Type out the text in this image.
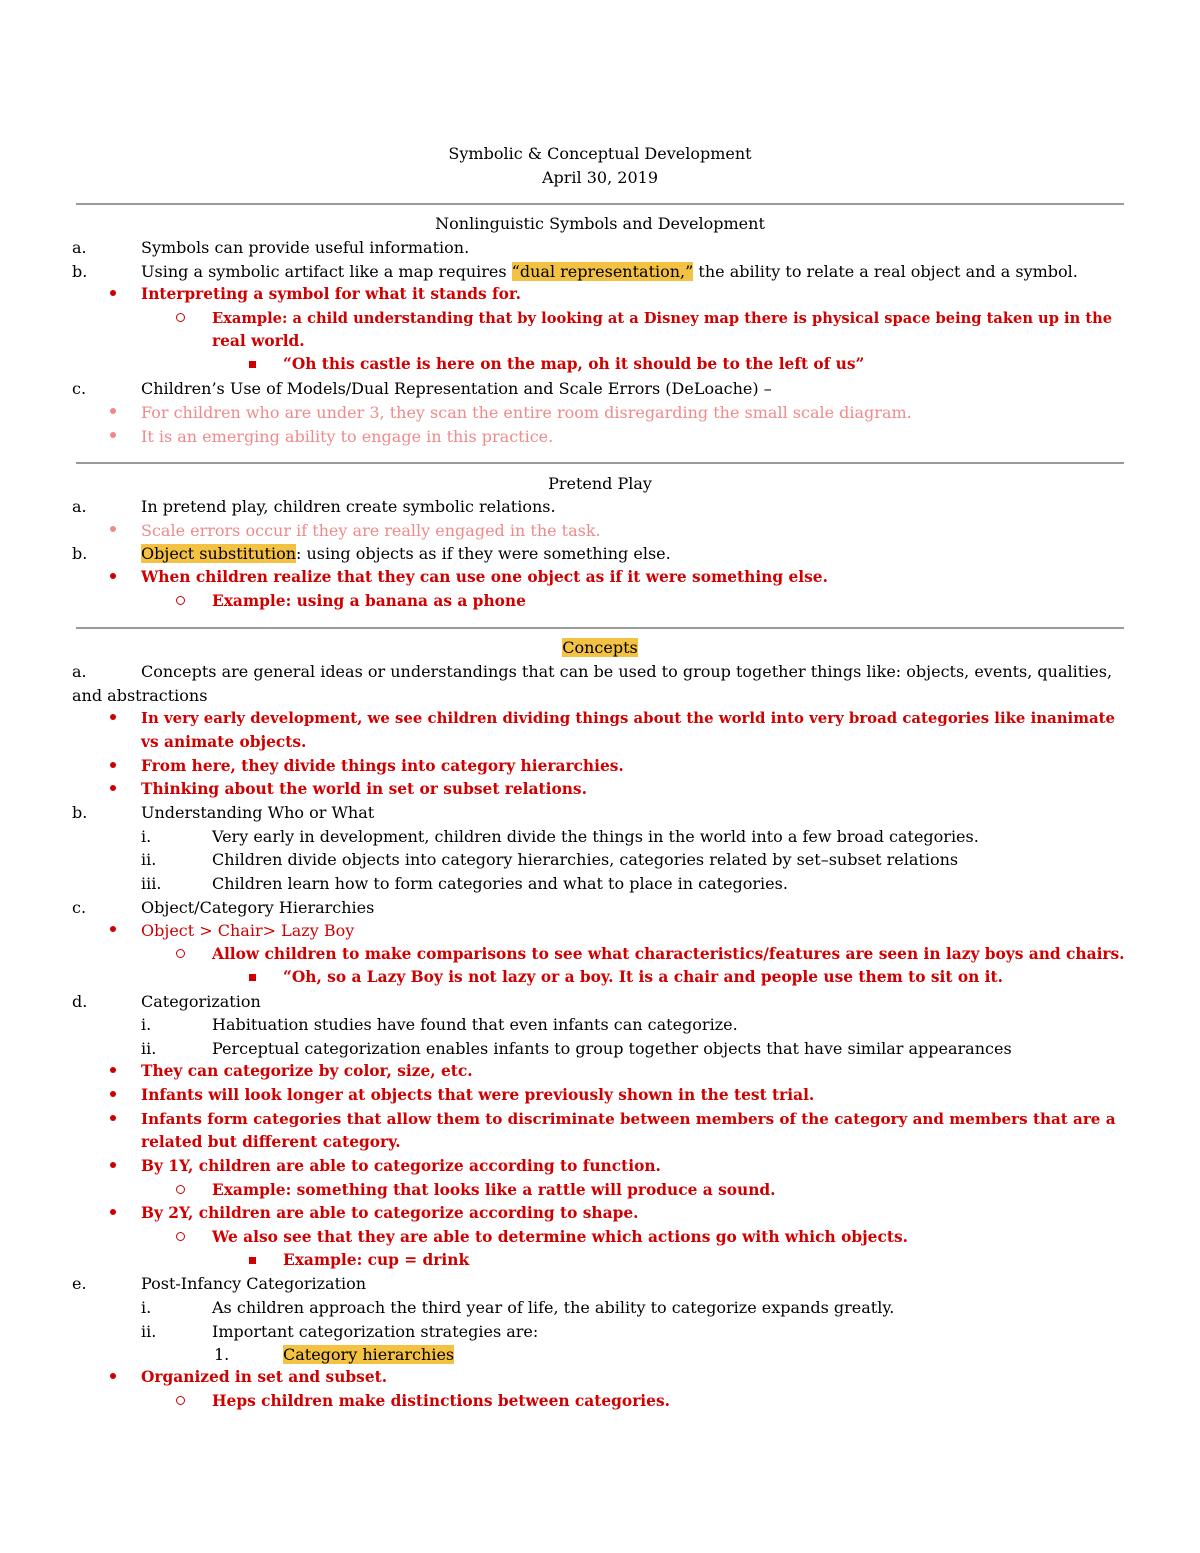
Symbolic & Conceptual Development
April 30, 2019
Nonlinguistic Symbols and Development
a.	Symbols can provide useful information.
b.	Using a symbolic artifact like a map requires “dual representation,” the ability to relate a real object and a symbol.
Interpreting a symbol for what it stands for.
Example: a child understanding that by looking at a Disney map there is physical space being taken up in the
real world.
“Oh this castle is here on the map, oh it should be to the left of us”
c.	Children’s Use of Models/Dual Representation and Scale Errors (DeLoache) –
For children who are under 3, they scan the entire room disregarding the small scale diagram.
It is an emerging ability to engage in this practice.
Pretend Play
a.	In pretend play, children create symbolic relations.
Scale errors occur if they are really engaged in the task.
b.	Object substitution: using objects as if they were something else.
When children realize that they can use one object as if it were something else.
Example: using a banana as a phone
Concepts
a.	Concepts are general ideas or understandings that can be used to group together things like: objects, events, qualities,
and abstractions
In very early development, we see children dividing things about the world into very broad categories like inanimate
vs animate objects.
From here, they divide things into category hierarchies.
Thinking about the world in set or subset relations.
b.	Understanding Who or What
i.	Very early in development, children divide the things in the world into a few broad categories.
ii.	Children divide objects into category hierarchies, categories related by set–subset relations
iii.	Children learn how to form categories and what to place in categories.
c.	Object/Category Hierarchies
Object > Chair> Lazy Boy
Allow children to make comparisons to see what characteristics/features are seen in lazy boys and chairs.
“Oh, so a Lazy Boy is not lazy or a boy. It is a chair and people use them to sit on it.
d.	Categorization
i.	Habituation studies have found that even infants can categorize.
ii.	Perceptual categorization enables infants to group together objects that have similar appearances
They can categorize by color, size, etc.
Infants will look longer at objects that were previously shown in the test trial.
Infants form categories that allow them to discriminate between members of the category and members that are a
related but different category.
By 1Y, children are able to categorize according to function.
Example: something that looks like a rattle will produce a sound.
By 2Y, children are able to categorize according to shape.
We also see that they are able to determine which actions go with which objects.
Example: cup = drink
e.	Post-Infancy Categorization
i.	As children approach the third year of life, the ability to categorize expands greatly.
ii.	Important categorization strategies are:
1.	Category hierarchies
Organized in set and subset.
Heps children make distinctions between categories.
